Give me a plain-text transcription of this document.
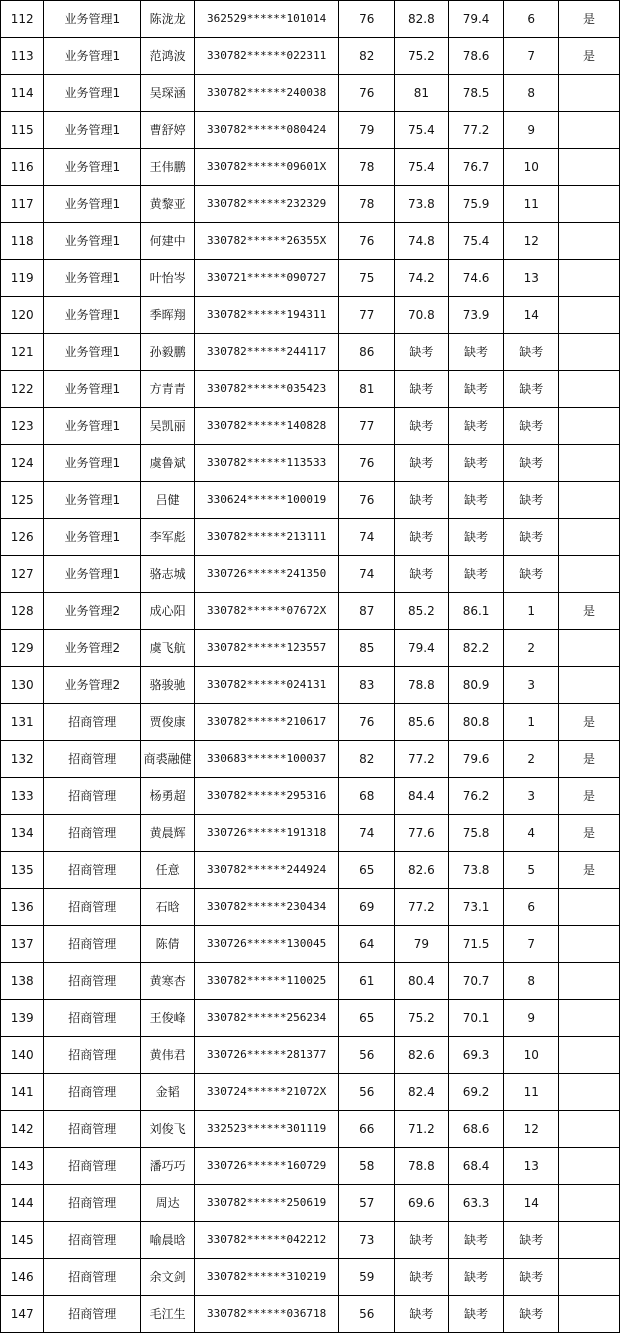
112	业务管理1	陈泷龙	362529******101014	76	82.8	79.4	6	是
113	业务管理1	范鸿波	330782******022311	82	75.2	78.6	7	是
114	业务管理1	吴琛涵	330782******240038	76	81	78.5	8	
115	业务管理1	曹舒婷	330782******080424	79	75.4	77.2	9	
116	业务管理1	王伟鹏	330782******09601X	78	75.4	76.7	10	
117	业务管理1	黄黎亚	330782******232329	78	73.8	75.9	11	
118	业务管理1	何建中	330782******26355X	76	74.8	75.4	12	
119	业务管理1	叶怡岑	330721******090727	75	74.2	74.6	13	
120	业务管理1	季晖翔	330782******194311	77	70.8	73.9	14	
121	业务管理1	孙毅鹏	330782******244117	86	缺考	缺考	缺考	
122	业务管理1	方青青	330782******035423	81	缺考	缺考	缺考	
123	业务管理1	吴凯丽	330782******140828	77	缺考	缺考	缺考	
124	业务管理1	虞鲁斌	330782******113533	76	缺考	缺考	缺考	
125	业务管理1	吕健	330624******100019	76	缺考	缺考	缺考	
126	业务管理1	李军彪	330782******213111	74	缺考	缺考	缺考	
127	业务管理1	骆志城	330726******241350	74	缺考	缺考	缺考	
128	业务管理2	成心阳	330782******07672X	87	85.2	86.1	1	是
129	业务管理2	虞飞航	330782******123557	85	79.4	82.2	2	
130	业务管理2	骆骏驰	330782******024131	83	78.8	80.9	3	
131	招商管理	贾俊康	330782******210617	76	85.6	80.8	1	是
132	招商管理	商裘融健	330683******100037	82	77.2	79.6	2	是
133	招商管理	杨勇超	330782******295316	68	84.4	76.2	3	是
134	招商管理	黄晨辉	330726******191318	74	77.6	75.8	4	是
135	招商管理	任意	330782******244924	65	82.6	73.8	5	是
136	招商管理	石晗	330782******230434	69	77.2	73.1	6	
137	招商管理	陈倩	330726******130045	64	79	71.5	7	
138	招商管理	黄寒杏	330782******110025	61	80.4	70.7	8	
139	招商管理	王俊峰	330782******256234	65	75.2	70.1	9	
140	招商管理	黄伟君	330726******281377	56	82.6	69.3	10	
141	招商管理	金韬	330724******21072X	56	82.4	69.2	11	
142	招商管理	刘俊飞	332523******301119	66	71.2	68.6	12	
143	招商管理	潘巧巧	330726******160729	58	78.8	68.4	13	
144	招商管理	周达	330782******250619	57	69.6	63.3	14	
145	招商管理	喻晨晗	330782******042212	73	缺考	缺考	缺考	
146	招商管理	余文剑	330782******310219	59	缺考	缺考	缺考	
147	招商管理	毛江生	330782******036718	56	缺考	缺考	缺考	
